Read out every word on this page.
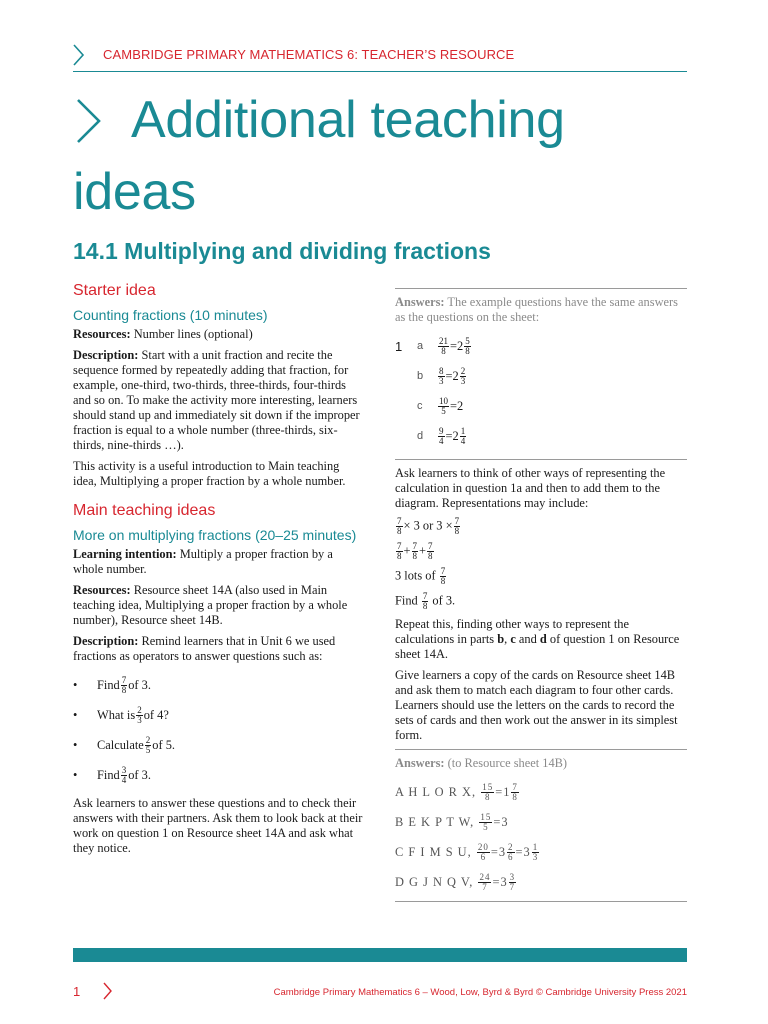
CAMBRIDGE PRIMARY MATHEMATICS 6: TEACHER’S RESOURCE
Additional teaching ideas
14.1 Multiplying and dividing fractions
Starter idea
Counting fractions (10 minutes)

Resources: Number lines (optional)

Description: Start with a unit fraction and recite the sequence formed by repeatedly adding that fraction, for example, one-third, two-thirds, three-thirds, four-thirds and so on. To make the activity more interesting, learners should stand up and immediately sit down if the improper fraction is equal to a whole number (three-thirds, six-thirds, nine-thirds …).

This activity is a useful introduction to Main teaching idea, Multiplying a proper fraction by a whole number.

Main teaching ideas
More on multiplying fractions (20–25 minutes)

Learning intention: Multiply a proper fraction by a whole number.

Resources: Resource sheet 14A (also used in Main teaching idea, Multiplying a proper fraction by a whole number), Resource sheet 14B.

Description: Remind learners that in Unit 6 we used fractions as operators to answer questions such as:

• Find $\frac{7}{8}$ of 3.
• What is $\frac{2}{3}$ of 4?
• Calculate $\frac{2}{5}$ of 5.
• Find $\frac{3}{4}$ of 3.

Ask learners to answer these questions and to check their answers with their partners. Ask them to look back at their work on question 1 on Resource sheet 14A and ask what they notice.

Answers: The example questions have the same answers as the questions on the sheet:

1	a	$\frac{21}{8} = 2 \frac{5}{8}$
b	$\frac{8}{3} = 2 \frac{2}{3}$
c	$\frac{10}{5} = 2$
d	$\frac{9}{4} = 2 \frac{1}{4}$

Ask learners to think of other ways of representing the calculation in question 1a and then to add them to the diagram. Representations may include:

$\frac{7}{8} \times 3$ or $3 \times \frac{7}{8}$

$\frac{7}{8} + \frac{7}{8} + \frac{7}{8}$

3 lots of $\frac{7}{8}$

Find $\frac{7}{8}$ of 3.

Repeat this, finding other ways to represent the calculations in parts b, c and d of question 1 on Resource sheet 14A.

Give learners a copy of the cards on Resource sheet 14B and ask them to match each diagram to four other cards. Learners should use the letters on the cards to record the sets of cards and then work out the answer in its simplest form.

Answers: (to Resource sheet 14B)

A H L O R X,
$\frac{15}{8} = 1 \frac{7}{8}$
B E K P T W,
$\frac{15}{5} = 3$
C F I M S U, $\frac{20}{6} = 3 \frac{2}{6} = 3 \frac{1}{3}$
D G J N Q V,
$\frac{24}{7} = 3 \frac{3}{7}$
1	Cambridge Primary Mathematics 6 – Wood, Low, Byrd & Byrd © Cambridge University Press 2021
